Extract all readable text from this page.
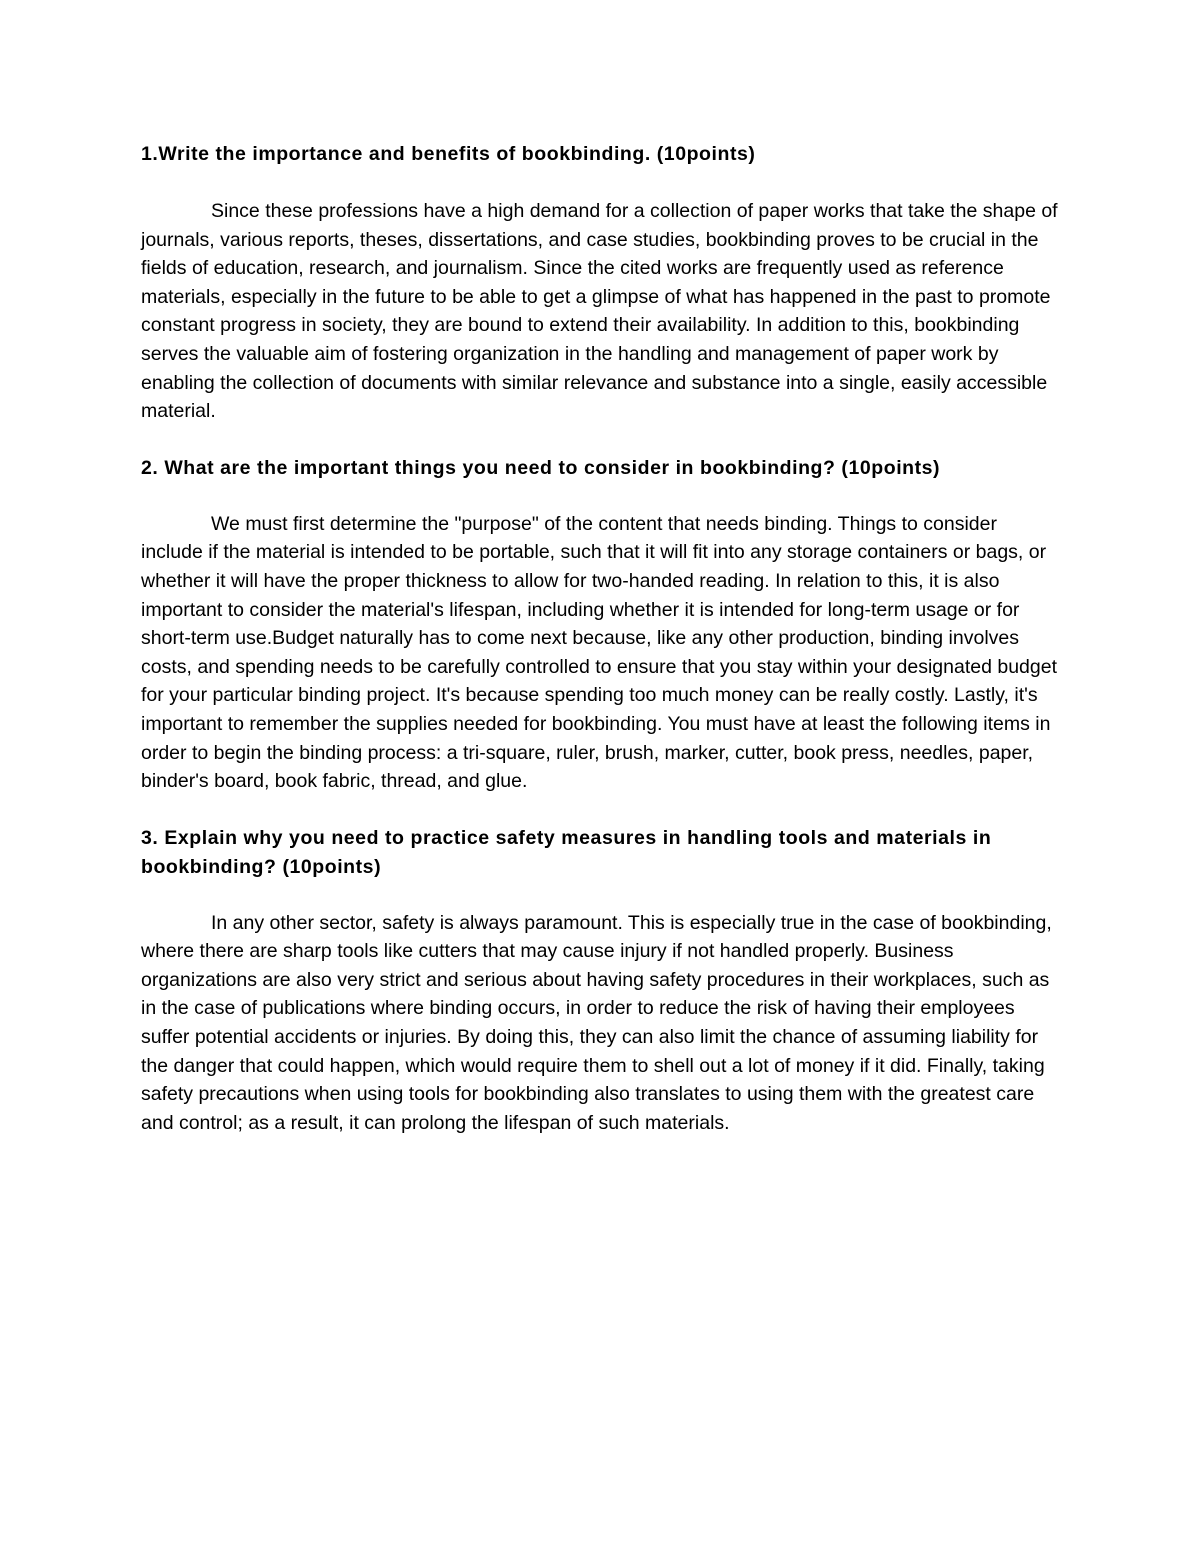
1.Write the importance and benefits of bookbinding. (10points)

Since these professions have a high demand for a collection of paper works that take the shape of journals, various reports, theses, dissertations, and case studies, bookbinding proves to be crucial in the fields of education, research, and journalism. Since the cited works are frequently used as reference materials, especially in the future to be able to get a glimpse of what has happened in the past to promote constant progress in society, they are bound to extend their availability. In addition to this, bookbinding serves the valuable aim of fostering organization in the handling and management of paper work by enabling the collection of documents with similar relevance and substance into a single, easily accessible material.

2. What are the important things you need to consider in bookbinding? (10points)

We must first determine the "purpose" of the content that needs binding. Things to consider include if the material is intended to be portable, such that it will fit into any storage containers or bags, or whether it will have the proper thickness to allow for two-handed reading. In relation to this, it is also important to consider the material's lifespan, including whether it is intended for long-term usage or for short-term use.Budget naturally has to come next because, like any other production, binding involves costs, and spending needs to be carefully controlled to ensure that you stay within your designated budget for your particular binding project. It's because spending too much money can be really costly. Lastly, it's important to remember the supplies needed for bookbinding. You must have at least the following items in order to begin the binding process: a tri-square, ruler, brush, marker, cutter, book press, needles, paper, binder's board, book fabric, thread, and glue.

3. Explain why you need to practice safety measures in handling tools and materials in bookbinding? (10points)

In any other sector, safety is always paramount. This is especially true in the case of bookbinding, where there are sharp tools like cutters that may cause injury if not handled properly. Business organizations are also very strict and serious about having safety procedures in their workplaces, such as in the case of publications where binding occurs, in order to reduce the risk of having their employees suffer potential accidents or injuries. By doing this, they can also limit the chance of assuming liability for the danger that could happen, which would require them to shell out a lot of money if it did. Finally, taking safety precautions when using tools for bookbinding also translates to using them with the greatest care and control; as a result, it can prolong the lifespan of such materials.
